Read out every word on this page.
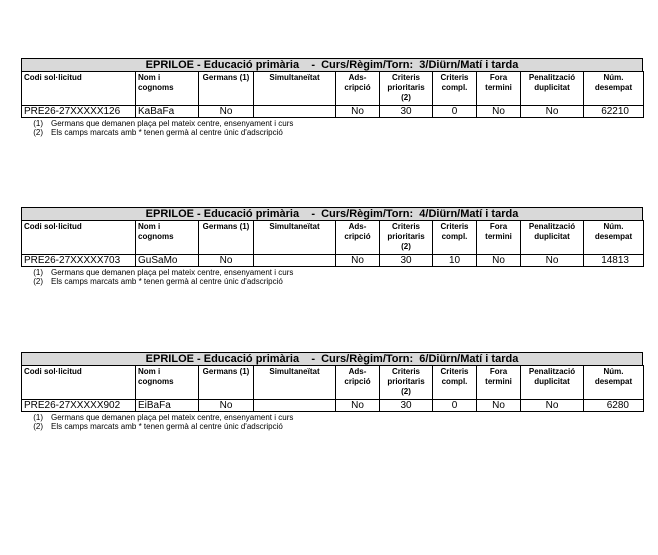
EPRILOE - Educació primària    -  Curs/Règim/Torn:  3/Diürn/Matí i tarda
Codi sol·licitud	Nom i cognoms	Germans (1)	Simultaneïtat	Ads-cripció	Criteris prioritaris (2)	Criteris compl.	Fora termini	Penalització duplicitat	Núm. desempat
PRE26-27XXXXX126	KaBaFa	No		No	30	0	No	No	62210
(1)	Germans que demanen plaça pel mateix centre, ensenyament i curs
(2)	Els camps marcats amb * tenen germà al centre únic d'adscripció
EPRILOE - Educació primària    -  Curs/Règim/Torn:  4/Diürn/Matí i tarda
Codi sol·licitud	Nom i cognoms	Germans (1)	Simultaneïtat	Ads-cripció	Criteris prioritaris (2)	Criteris compl.	Fora termini	Penalització duplicitat	Núm. desempat
PRE26-27XXXXX703	GuSaMo	No		No	30	10	No	No	14813
(1)	Germans que demanen plaça pel mateix centre, ensenyament i curs
(2)	Els camps marcats amb * tenen germà al centre únic d'adscripció
EPRILOE - Educació primària    -  Curs/Règim/Torn:  6/Diürn/Matí i tarda
Codi sol·licitud	Nom i cognoms	Germans (1)	Simultaneïtat	Ads-cripció	Criteris prioritaris (2)	Criteris compl.	Fora termini	Penalització duplicitat	Núm. desempat
PRE26-27XXXXX902	EiBaFa	No		No	30	0	No	No	6280
(1)	Germans que demanen plaça pel mateix centre, ensenyament i curs
(2)	Els camps marcats amb * tenen germà al centre únic d'adscripció
